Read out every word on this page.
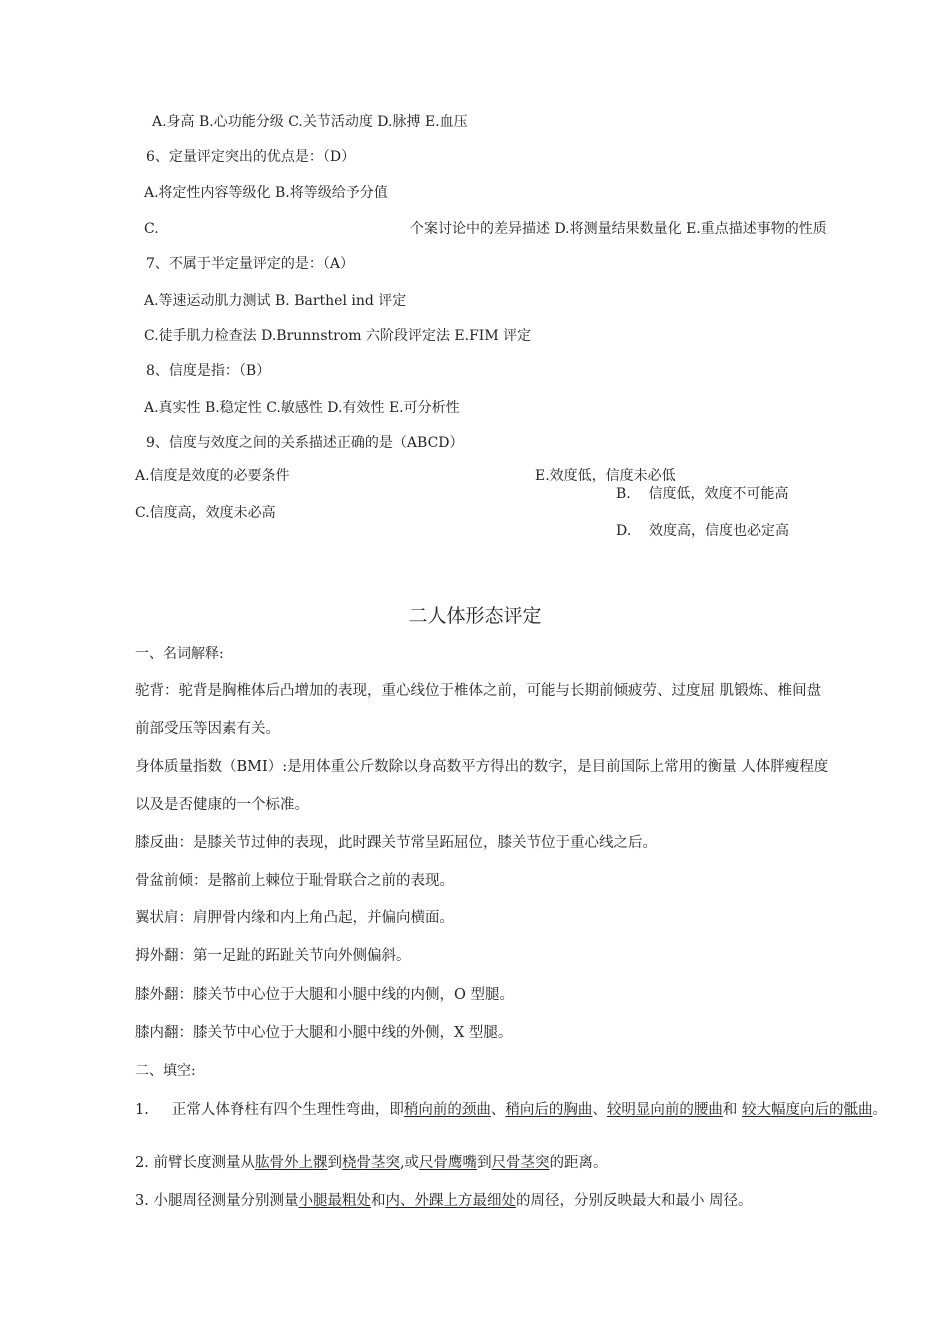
A.身高 B.心功能分级 C.关节活动度 D.脉搏 E.血压
6、定量评定突出的优点是：（D）
A.将定性内容等级化 B.将等级给予分值
C.	个案讨论中的差异描述 D.将测量结果数量化 E.重点描述事物的性质
7、不属于半定量评定的是：（A）
A.等速运动肌力测试 B. Barthel ind 评定
C.徒手肌力检查法 D.Brunnstrom 六阶段评定法 E.FIM 评定
8、信度是指：（B）
A.真实性 B.稳定性 C.敏感性 D.有效性 E.可分析性
9、信度与效度之间的关系描述正确的是（ABCD）
A.信度是效度的必要条件	E.效度低，信度未必低
B.    信度低，效度不可能高
C.信度高，效度未必高
D.    效度高，信度也必定高
二人体形态评定
一、名词解释:
驼背：驼背是胸椎体后凸增加的表现，重心线位于椎体之前，可能与长期前倾疲劳、过度屈 肌锻炼、椎间盘
前部受压等因素有关。
身体质量指数（BMI）:是用体重公斤数除以身高数平方得出的数字，是目前国际上常用的衡量 人体胖瘦程度
以及是否健康的一个标准。
膝反曲：是膝关节过伸的表现，此时踝关节常呈跖屈位，膝关节位于重心线之后。
骨盆前倾：是髂前上棘位于耻骨联合之前的表现。
翼状肩：肩胛骨内缘和内上角凸起，并偏向横面。
拇外翻：第一足趾的跖趾关节向外侧偏斜。
膝外翻：膝关节中心位于大腿和小腿中线的内侧，O 型腿。
膝内翻：膝关节中心位于大腿和小腿中线的外侧，X 型腿。
二、填空:
1.     正常人体脊柱有四个生理性弯曲，即稍向前的颈曲、稍向后的胸曲、较明显向前的腰曲和 较大幅度向后的骶曲。
2. 前臂长度测量从肱骨外上髁到桡骨茎突,或尺骨鹰嘴到尺骨茎突的距离。
3. 小腿周径测量分别测量小腿最粗处和内、外踝上方最细处的周径，分别反映最大和最小 周径。
